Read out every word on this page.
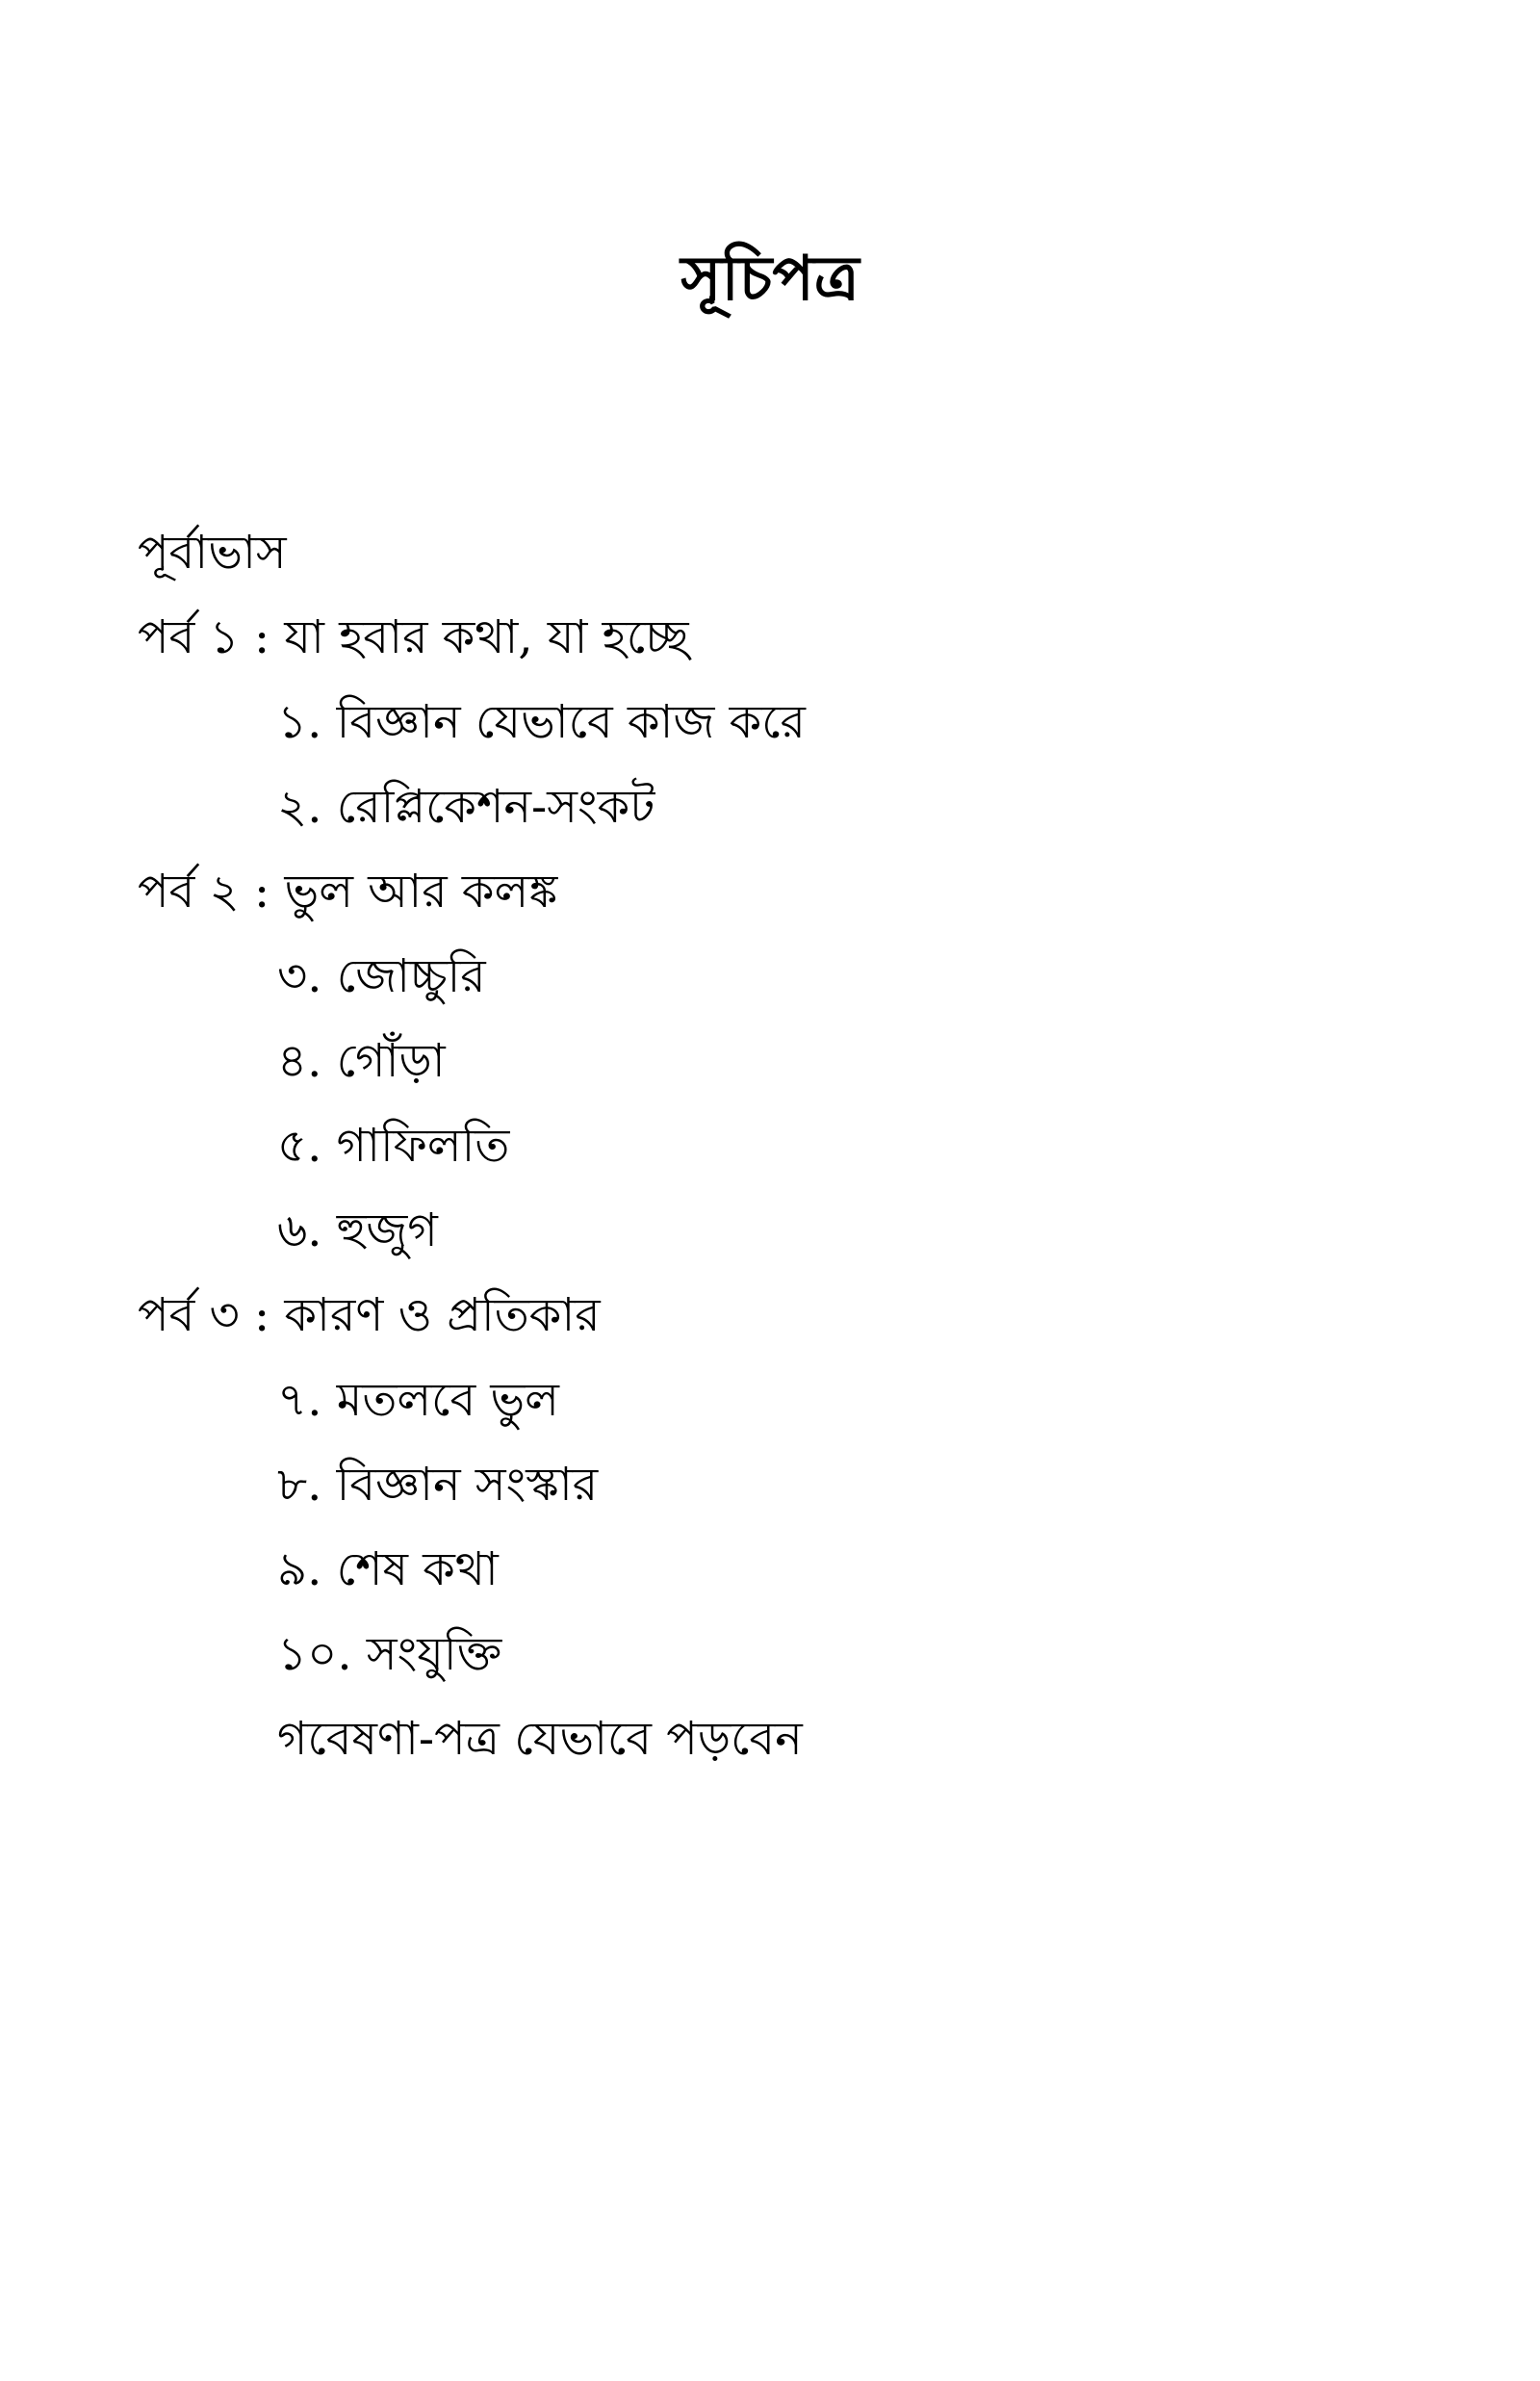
সূচিপত্র
পূর্বাভাস
পর্ব ১ : যা হবার কথা, যা হচ্ছে
১. বিজ্ঞান যেভাবে কাজ করে
২. রেপ্লিকেশন-সংকট
পর্ব ২ : ভুল আর কলঙ্ক
৩. জোচ্চুরি
৪. গোঁড়া
৫. গাফিলতি
৬. হুজুগ
পর্ব ৩ : কারণ ও প্রতিকার
৭. মতলবে ভুল
৮. বিজ্ঞান সংস্কার
৯. শেষ কথা
১০. সংযুক্তি
গবেষণা-পত্র যেভাবে পড়বেন
